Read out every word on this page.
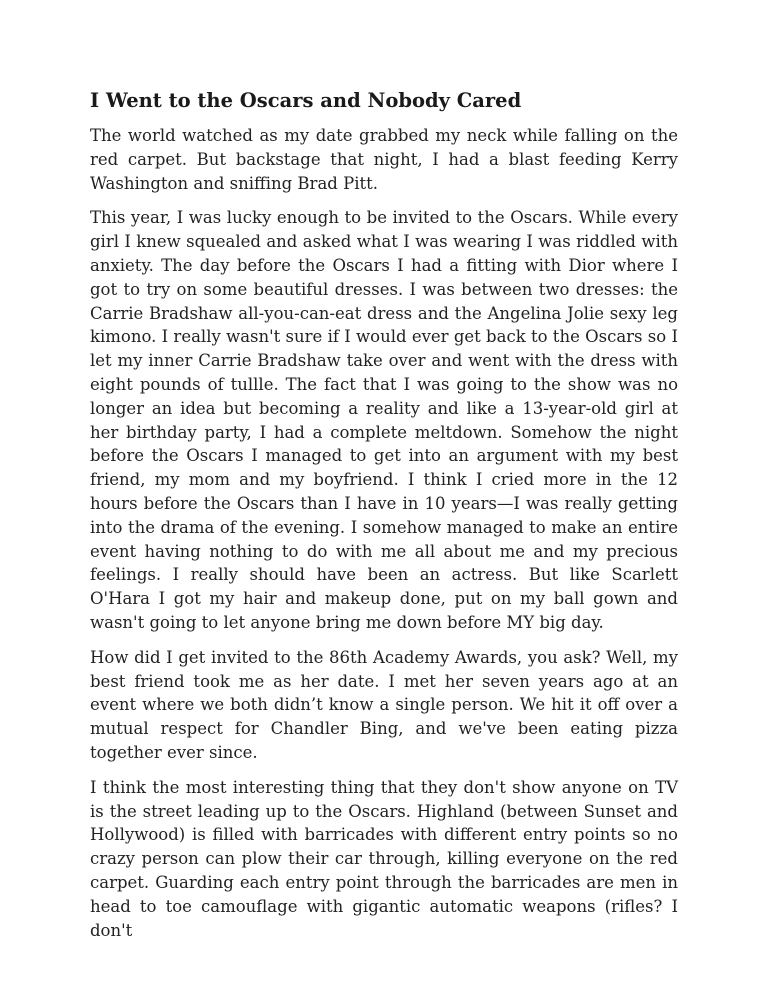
I Went to the Oscars and Nobody Cared

The world watched as my date grabbed my neck while falling on the red carpet. But backstage that night, I had a blast feeding Kerry Washington and sniffing Brad Pitt.

This year, I was lucky enough to be invited to the Oscars. While every girl I knew squealed and asked what I was wearing I was riddled with anxiety. The day before the Oscars I had a fitting with Dior where I got to try on some beautiful dresses. I was between two dresses: the Carrie Bradshaw all-you-can-eat dress and the Angelina Jolie sexy leg kimono. I really wasn't sure if I would ever get back to the Oscars so I let my inner Carrie Bradshaw take over and went with the dress with eight pounds of tullle. The fact that I was going to the show was no longer an idea but becoming a reality and like a 13-year-old girl at her birthday party, I had a complete meltdown. Somehow the night before the Oscars I managed to get into an argument with my best friend, my mom and my boyfriend. I think I cried more in the 12 hours before the Oscars than I have in 10 years—I was really getting into the drama of the evening. I somehow managed to make an entire event having nothing to do with me all about me and my precious feelings. I really should have been an actress. But like Scarlett O'Hara I got my hair and makeup done, put on my ball gown and wasn't going to let anyone bring me down before MY big day.

How did I get invited to the 86th Academy Awards, you ask? Well, my best friend took me as her date. I met her seven years ago at an event where we both didn’t know a single person. We hit it off over a mutual respect for Chandler Bing, and we've been eating pizza together ever since.

I think the most interesting thing that they don't show anyone on TV is the street leading up to the Oscars. Highland (between Sunset and Hollywood) is filled with barricades with different entry points so no crazy person can plow their car through, killing everyone on the red carpet. Guarding each entry point through the barricades are men in head to toe camouflage with gigantic automatic weapons (rifles? I don't
